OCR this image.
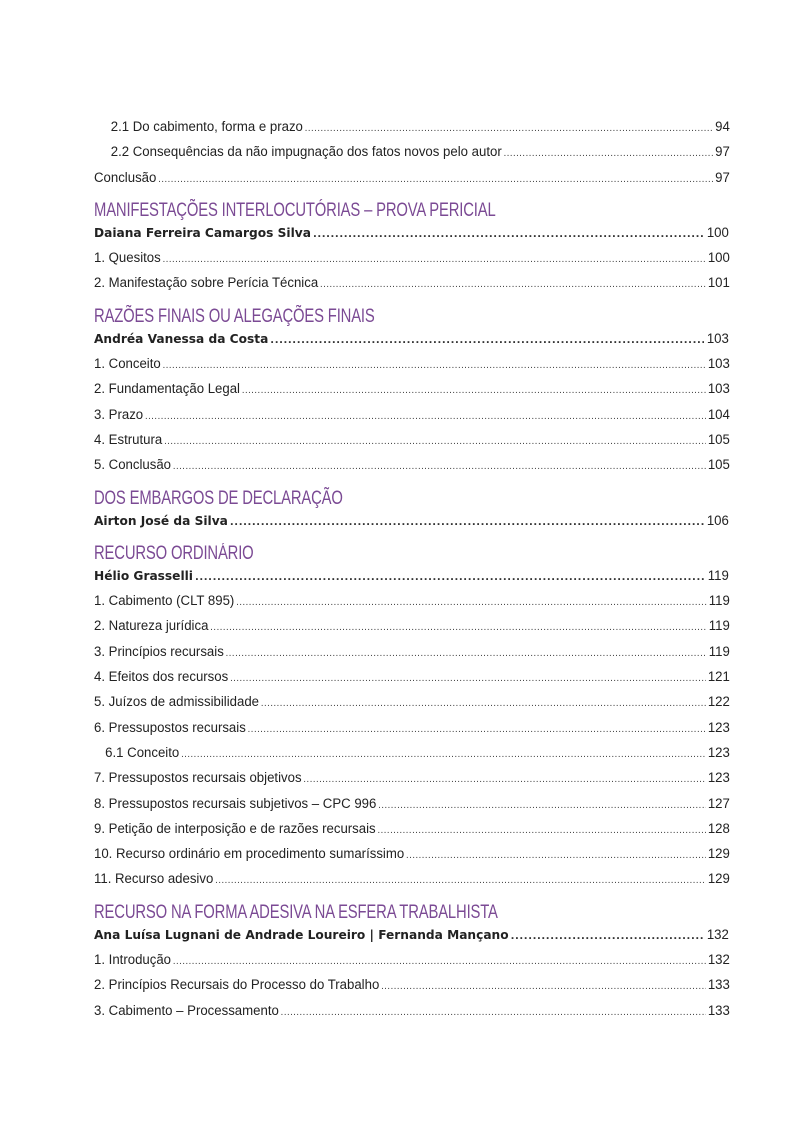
2.1 Do cabimento, forma e prazo .....	94
2.2 Consequências da não impugnação dos fatos novos pelo autor .....	97
Conclusão .....	97
MANIFESTAÇÕES INTERLOCUTÓRIAS – PROVA PERICIAL
Daiana Ferreira Camargos Silva .....	100
1. Quesitos .....	100
2. Manifestação sobre Perícia Técnica .....	101
RAZÕES FINAIS OU ALEGAÇÕES FINAIS
Andréa Vanessa da Costa .....	103
1. Conceito .....	103
2. Fundamentação Legal .....	103
3. Prazo .....	104
4. Estrutura .....	105
5. Conclusão .....	105
DOS EMBARGOS DE DECLARAÇÃO
Airton José da Silva .....	106
RECURSO ORDINÁRIO
Hélio Grasselli .....	119
1. Cabimento (CLT 895) .....	119
2. Natureza jurídica .....	119
3. Princípios recursais .....	119
4. Efeitos dos recursos .....	121
5. Juízos de admissibilidade .....	122
6. Pressupostos recursais .....	123
6.1 Conceito .....	123
7. Pressupostos recursais objetivos .....	123
8. Pressupostos recursais subjetivos – CPC 996 .....	127
9. Petição de interposição e de razões recursais .....	128
10. Recurso ordinário em procedimento sumaríssimo .....	129
11. Recurso adesivo .....	129
RECURSO NA FORMA ADESIVA NA ESFERA TRABALHISTA
Ana Luísa Lugnani de Andrade Loureiro | Fernanda Mançano .....	132
1. Introdução .....	132
2. Princípios Recursais do Processo do Trabalho .....	133
3. Cabimento – Processamento .....	133
